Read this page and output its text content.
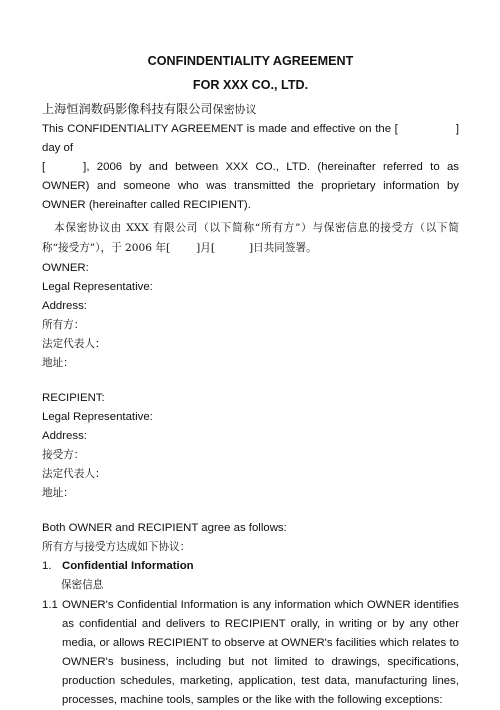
CONFINDENTIALITY AGREEMENT
FOR XXX CO., LTD.
上海恒润数码影像科技有限公司保密协议

This CONFIDENTIALITY AGREEMENT is made and effective on the [	] day of
[	], 2006 by and between XXX CO., LTD. (hereinafter referred to as OWNER) and someone who was transmitted the proprietary information by OWNER (hereinafter called RECIPIENT).

本保密协议由 XXX 有限公司（以下简称“所有方”）与保密信息的接受方（以下简称“接受方”），于 2006 年[ ]月[	]日共同签署。

OWNER:

Legal Representative:

Address:

所有方：

法定代表人：

地址：

RECIPIENT:

Legal Representative:

Address:

接受方：

法定代表人：

地址：

Both OWNER and RECIPIENT agree as follows:

所有方与接受方达成如下协议：

1. Confidential Information

保密信息

1.1 OWNER's Confidential Information is any information which OWNER identifies as confidential and delivers to RECIPIENT orally, in writing or by any other media, or allows RECIPIENT to observe at OWNER's facilities which relates to OWNER's business, including but not limited to drawings, specifications, production schedules, marketing, application, test data, manufacturing lines, processes, machine tools, samples or the like with the following exceptions:
